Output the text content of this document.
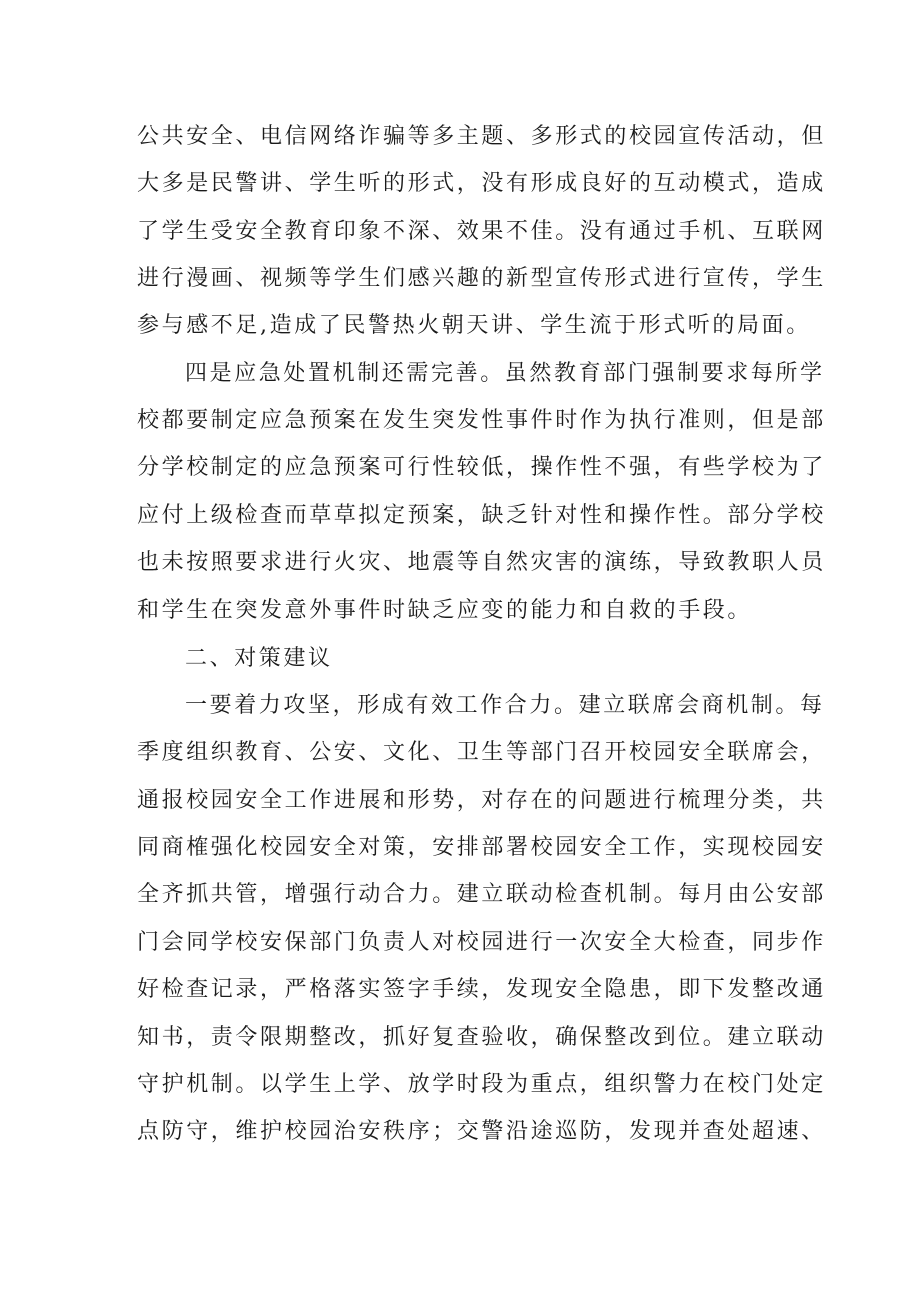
公共安全、电信网络诈骗等多主题、多形式的校园宣传活动，但
大多是民警讲、学生听的形式，没有形成良好的互动模式，造成
了学生受安全教育印象不深、效果不佳。没有通过手机、互联网
进行漫画、视频等学生们感兴趣的新型宣传形式进行宣传，学生
参与感不足,造成了民警热火朝天讲、学生流于形式听的局面。
四是应急处置机制还需完善。虽然教育部门强制要求每所学
校都要制定应急预案在发生突发性事件时作为执行准则，但是部
分学校制定的应急预案可行性较低，操作性不强，有些学校为了
应付上级检查而草草拟定预案，缺乏针对性和操作性。部分学校
也未按照要求进行火灾、地震等自然灾害的演练，导致教职人员
和学生在突发意外事件时缺乏应变的能力和自救的手段。
二、对策建议
一要着力攻坚，形成有效工作合力。建立联席会商机制。每
季度组织教育、公安、文化、卫生等部门召开校园安全联席会，
通报校园安全工作进展和形势，对存在的问题进行梳理分类，共
同商榷强化校园安全对策，安排部署校园安全工作，实现校园安
全齐抓共管，增强行动合力。建立联动检查机制。每月由公安部
门会同学校安保部门负责人对校园进行一次安全大检查，同步作
好检查记录，严格落实签字手续，发现安全隐患，即下发整改通
知书，责令限期整改，抓好复查验收，确保整改到位。建立联动
守护机制。以学生上学、放学时段为重点，组织警力在校门处定
点防守，维护校园治安秩序；交警沿途巡防，发现并查处超速、
